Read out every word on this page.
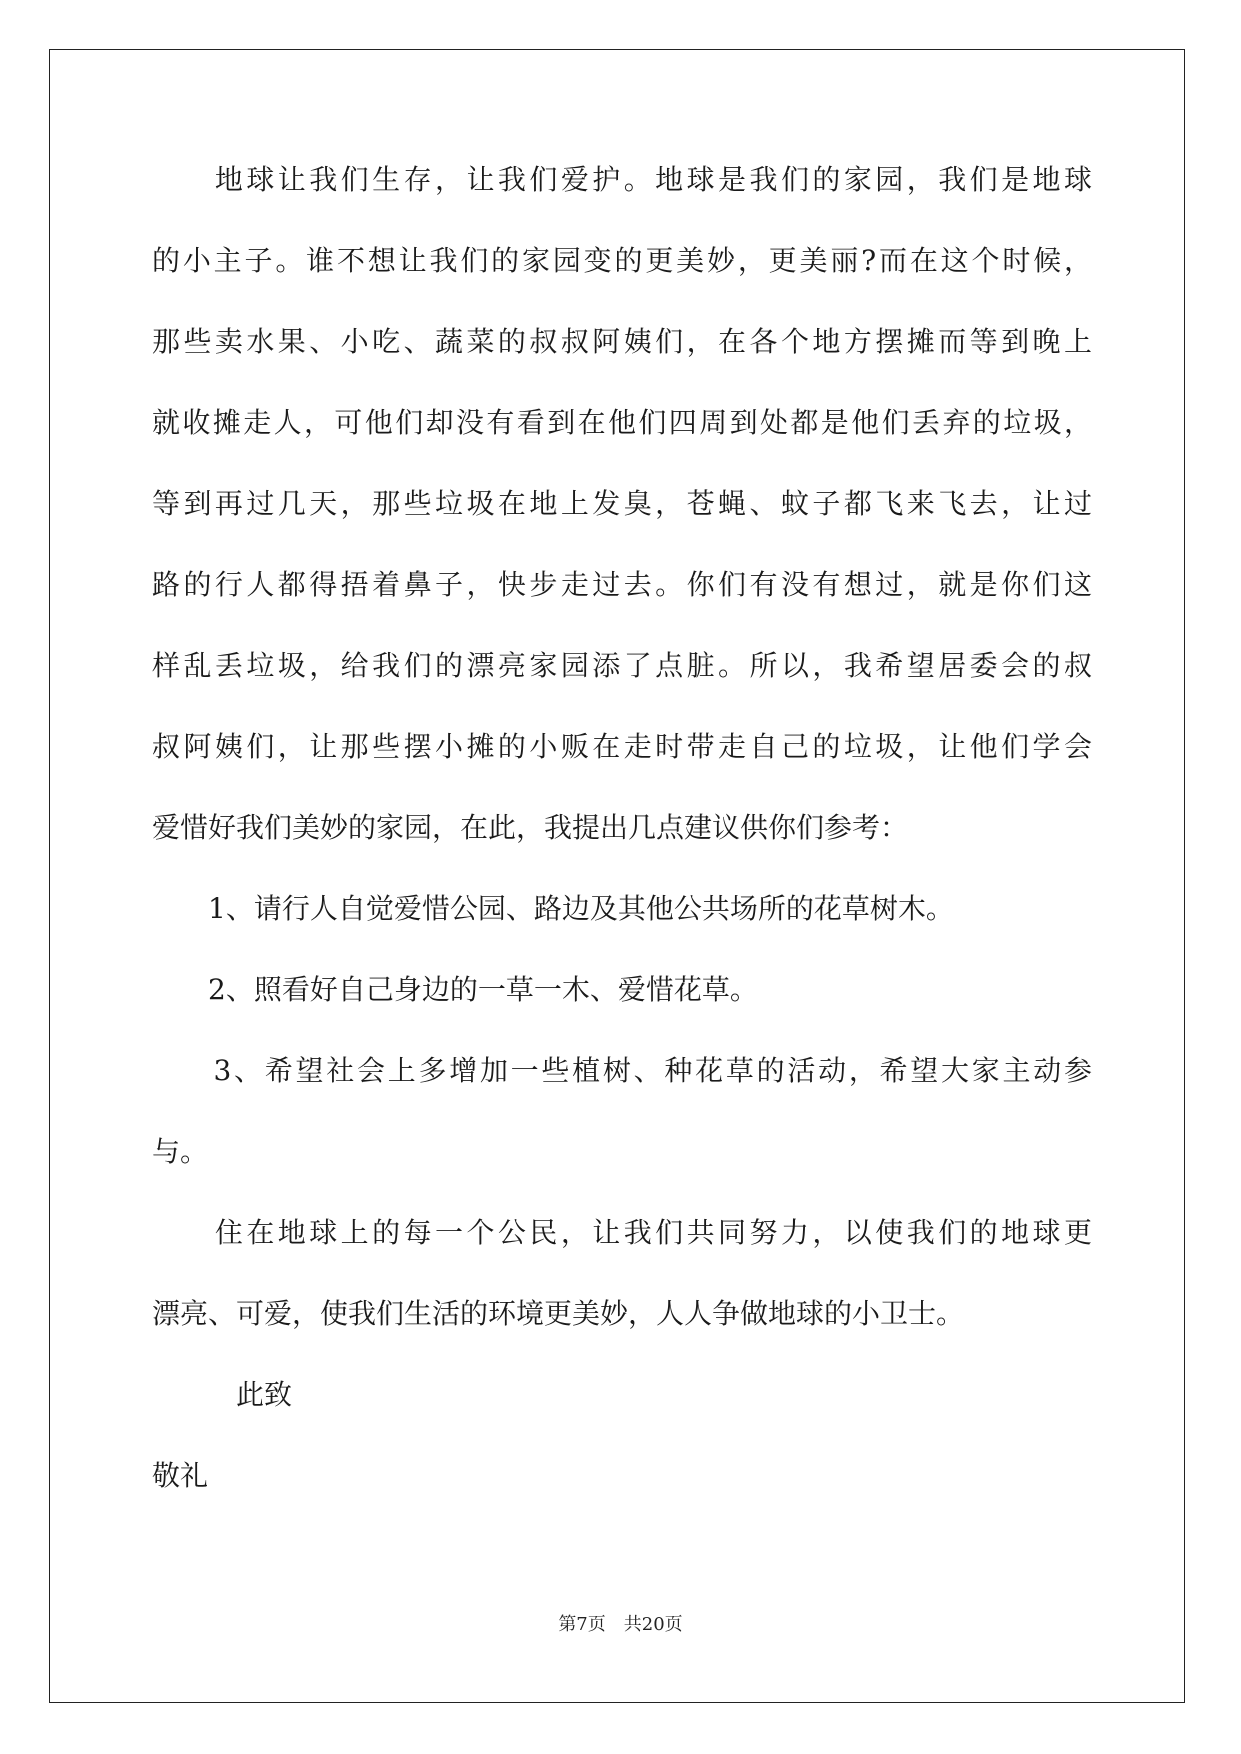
　　地球让我们生存，让我们爱护。地球是我们的家园，我们是地球
的小主子。谁不想让我们的家园变的更美妙，更美丽?而在这个时候，
那些卖水果、小吃、蔬菜的叔叔阿姨们，在各个地方摆摊而等到晚上
就收摊走人，可他们却没有看到在他们四周到处都是他们丢弃的垃圾，
等到再过几天，那些垃圾在地上发臭，苍蝇、蚊子都飞来飞去，让过
路的行人都得捂着鼻子，快步走过去。你们有没有想过，就是你们这
样乱丢垃圾，给我们的漂亮家园添了点脏。所以，我希望居委会的叔
叔阿姨们，让那些摆小摊的小贩在走时带走自己的垃圾，让他们学会
爱惜好我们美妙的家园，在此，我提出几点建议供你们参考：
　　1、请行人自觉爱惜公园、路边及其他公共场所的花草树木。
　　2、照看好自己身边的一草一木、爱惜花草。
　　3、希望社会上多增加一些植树、种花草的活动，希望大家主动参
与。
　　住在地球上的每一个公民，让我们共同努力，以使我们的地球更
漂亮、可爱，使我们生活的环境更美妙，人人争做地球的小卫士。
　　　此致
敬礼
第7页 共20页
